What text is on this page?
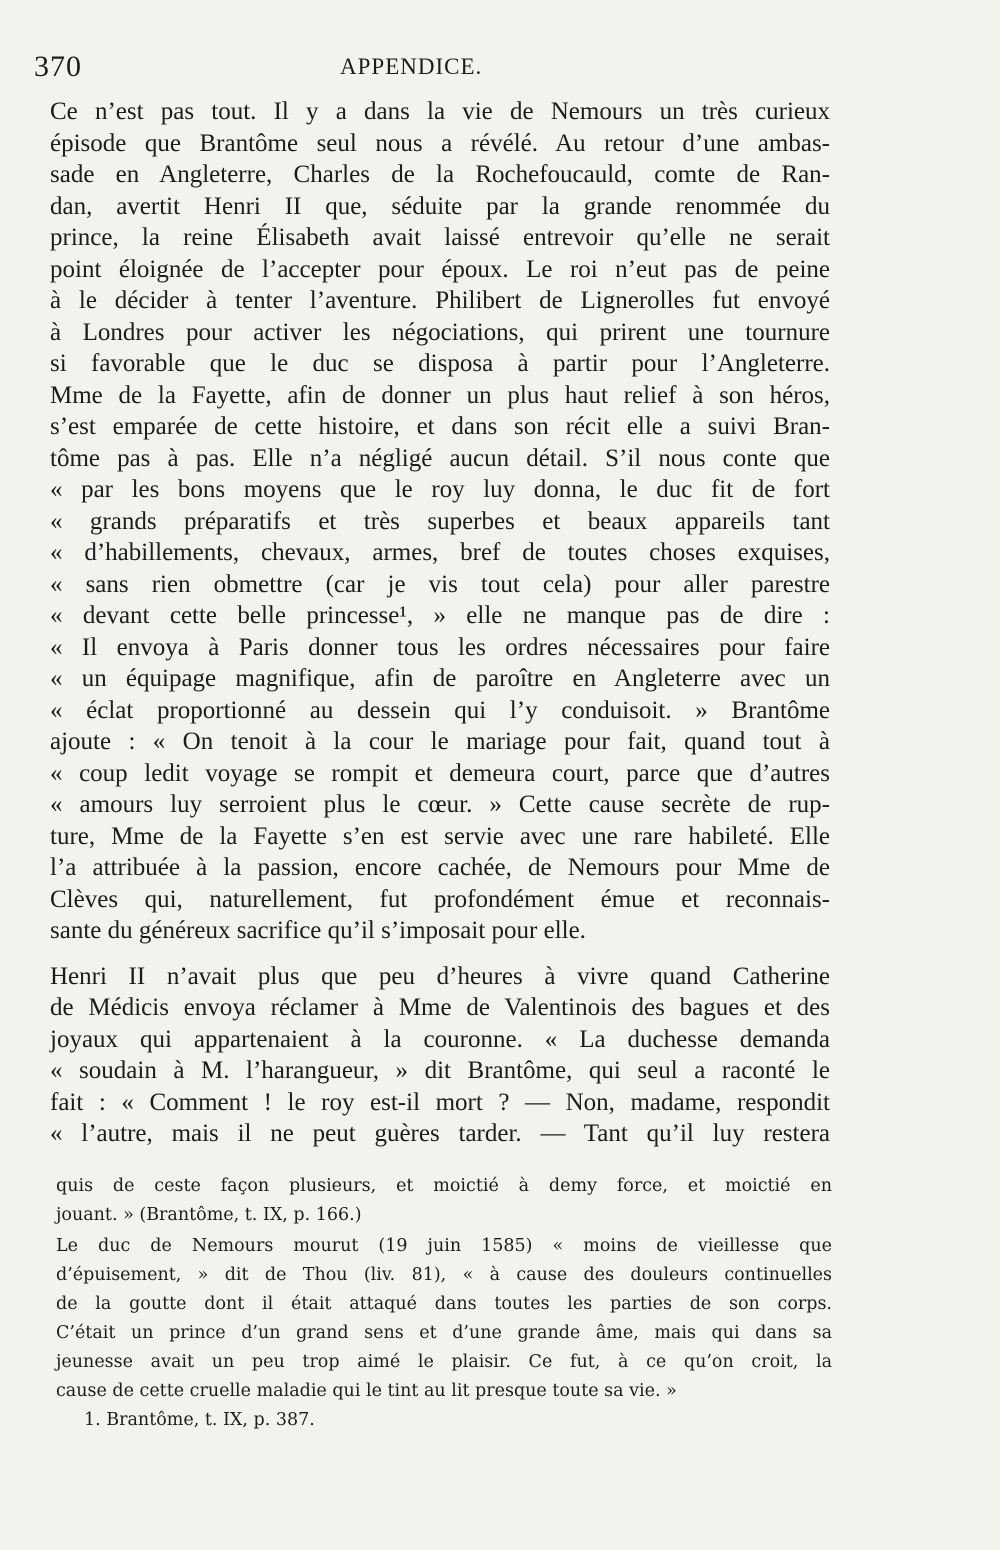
370	APPENDICE.
Ce n’est pas tout. Il y a dans la vie de Nemours un très curieux
épisode que Brantôme seul nous a révélé. Au retour d’une ambas-
sade en Angleterre, Charles de la Rochefoucauld, comte de Ran-
dan, avertit Henri II que, séduite par la grande renommée du
prince, la reine Élisabeth avait laissé entrevoir qu’elle ne serait
point éloignée de l’accepter pour époux. Le roi n’eut pas de peine
à le décider à tenter l’aventure. Philibert de Lignerolles fut envoyé
à Londres pour activer les négociations, qui prirent une tournure
si favorable que le duc se disposa à partir pour l’Angleterre.
Mme de la Fayette, afin de donner un plus haut relief à son héros,
s’est emparée de cette histoire, et dans son récit elle a suivi Bran-
tôme pas à pas. Elle n’a négligé aucun détail. S’il nous conte que
« par les bons moyens que le roy luy donna, le duc fit de fort
« grands préparatifs et très superbes et beaux appareils tant
« d’habillements, chevaux, armes, bref de toutes choses exquises,
« sans rien obmettre (car je vis tout cela) pour aller parestre
« devant cette belle princesse¹, » elle ne manque pas de dire :
« Il envoya à Paris donner tous les ordres nécessaires pour faire
« un équipage magnifique, afin de paroître en Angleterre avec un
« éclat proportionné au dessein qui l’y conduisoit. » Brantôme
ajoute : « On tenoit à la cour le mariage pour fait, quand tout à
« coup ledit voyage se rompit et demeura court, parce que d’autres
« amours luy serroient plus le cœur. » Cette cause secrète de rup-
ture, Mme de la Fayette s’en est servie avec une rare habileté. Elle
l’a attribuée à la passion, encore cachée, de Nemours pour Mme de
Clèves qui, naturellement, fut profondément émue et reconnais-
sante du généreux sacrifice qu’il s’imposait pour elle.
Henri II n’avait plus que peu d’heures à vivre quand Catherine
de Médicis envoya réclamer à Mme de Valentinois des bagues et des
joyaux qui appartenaient à la couronne. « La duchesse demanda
« soudain à M. l’harangueur, » dit Brantôme, qui seul a raconté le
fait : « Comment ! le roy est-il mort ? — Non, madame, respondit
« l’autre, mais il ne peut guères tarder. — Tant qu’il luy restera
quis de ceste façon plusieurs, et moictié à demy force, et moictié en
jouant. » (Brantôme, t. IX, p. 166.)
Le duc de Nemours mourut (19 juin 1585) « moins de vieillesse que
d’épuisement, » dit de Thou (liv. 81), « à cause des douleurs continuelles
de la goutte dont il était attaqué dans toutes les parties de son corps.
C’était un prince d’un grand sens et d’une grande âme, mais qui dans sa
jeunesse avait un peu trop aimé le plaisir. Ce fut, à ce qu’on croit, la
cause de cette cruelle maladie qui le tint au lit presque toute sa vie. »
1. Brantôme, t. IX, p. 387.
